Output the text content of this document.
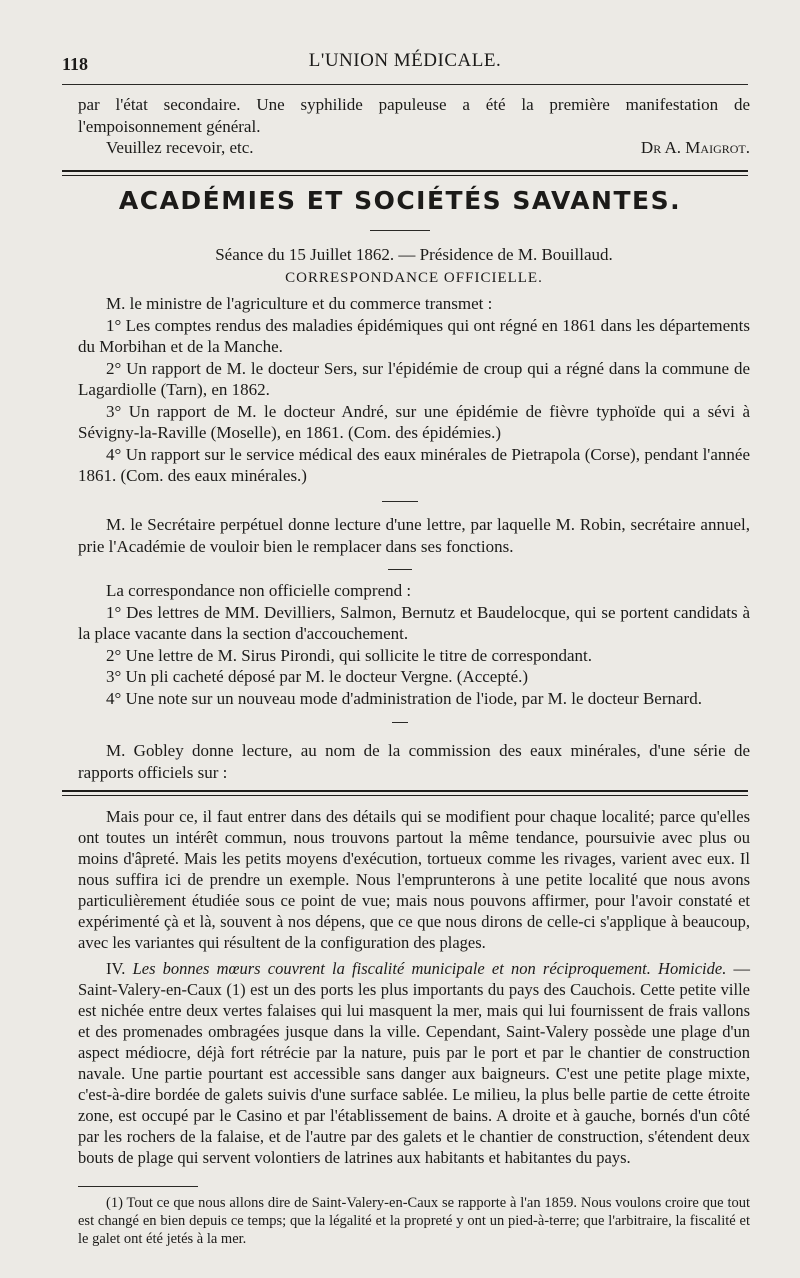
118	L'UNION MÉDICALE.

par l'état secondaire. Une syphilide papuleuse a été la première manifestation de l'empoisonnement général.

Veuillez recevoir, etc.	Dr A. Maigrot.
ACADÉMIES ET SOCIÉTÉS SAVANTES.
Séance du 15 Juillet 1862. — Présidence de M. Bouillaud.
CORRESPONDANCE OFFICIELLE.

M. le ministre de l'agriculture et du commerce transmet :

1° Les comptes rendus des maladies épidémiques qui ont régné en 1861 dans les départements du Morbihan et de la Manche.

2° Un rapport de M. le docteur Sers, sur l'épidémie de croup qui a régné dans la commune de Lagardiolle (Tarn), en 1862.

3° Un rapport de M. le docteur André, sur une épidémie de fièvre typhoïde qui a sévi à Sévigny-la-Raville (Moselle), en 1861. (Com. des épidémies.)

4° Un rapport sur le service médical des eaux minérales de Pietrapola (Corse), pendant l'année 1861. (Com. des eaux minérales.)

M. le Secrétaire perpétuel donne lecture d'une lettre, par laquelle M. Robin, secrétaire annuel, prie l'Académie de vouloir bien le remplacer dans ses fonctions.

La correspondance non officielle comprend :

1° Des lettres de MM. Devilliers, Salmon, Bernutz et Baudelocque, qui se portent candidats à la place vacante dans la section d'accouchement.

2° Une lettre de M. Sirus Pirondi, qui sollicite le titre de correspondant.

3° Un pli cacheté déposé par M. le docteur Vergne. (Accepté.)

4° Une note sur un nouveau mode d'administration de l'iode, par M. le docteur Bernard.

M. Gobley donne lecture, au nom de la commission des eaux minérales, d'une série de rapports officiels sur :

Mais pour ce, il faut entrer dans des détails qui se modifient pour chaque localité; parce qu'elles ont toutes un intérêt commun, nous trouvons partout la même tendance, poursuivie avec plus ou moins d'âpreté. Mais les petits moyens d'exécution, tortueux comme les rivages, varient avec eux. Il nous suffira ici de prendre un exemple. Nous l'emprunterons à une petite localité que nous avons particulièrement étudiée sous ce point de vue; mais nous pouvons affirmer, pour l'avoir constaté et expérimenté çà et là, souvent à nos dépens, que ce que nous dirons de celle-ci s'applique à beaucoup, avec les variantes qui résultent de la configuration des plages.

IV. Les bonnes mœurs couvrent la fiscalité municipale et non réciproquement. Homicide. — Saint-Valery-en-Caux (1) est un des ports les plus importants du pays des Cauchois. Cette petite ville est nichée entre deux vertes falaises qui lui masquent la mer, mais qui lui fournissent de frais vallons et des promenades ombragées jusque dans la ville. Cependant, Saint-Valery possède une plage d'un aspect médiocre, déjà fort rétrécie par la nature, puis par le port et par le chantier de construction navale. Une partie pourtant est accessible sans danger aux baigneurs. C'est une petite plage mixte, c'est-à-dire bordée de galets suivis d'une surface sablée. Le milieu, la plus belle partie de cette étroite zone, est occupé par le Casino et par l'établissement de bains. A droite et à gauche, bornés d'un côté par les rochers de la falaise, et de l'autre par des galets et le chantier de construction, s'étendent deux bouts de plage qui servent volontiers de latrines aux habitants et habitantes du pays.

(1) Tout ce que nous allons dire de Saint-Valery-en-Caux se rapporte à l'an 1859. Nous voulons croire que tout est changé en bien depuis ce temps; que la légalité et la propreté y ont un pied-à-terre; que l'arbitraire, la fiscalité et le galet ont été jetés à la mer.
